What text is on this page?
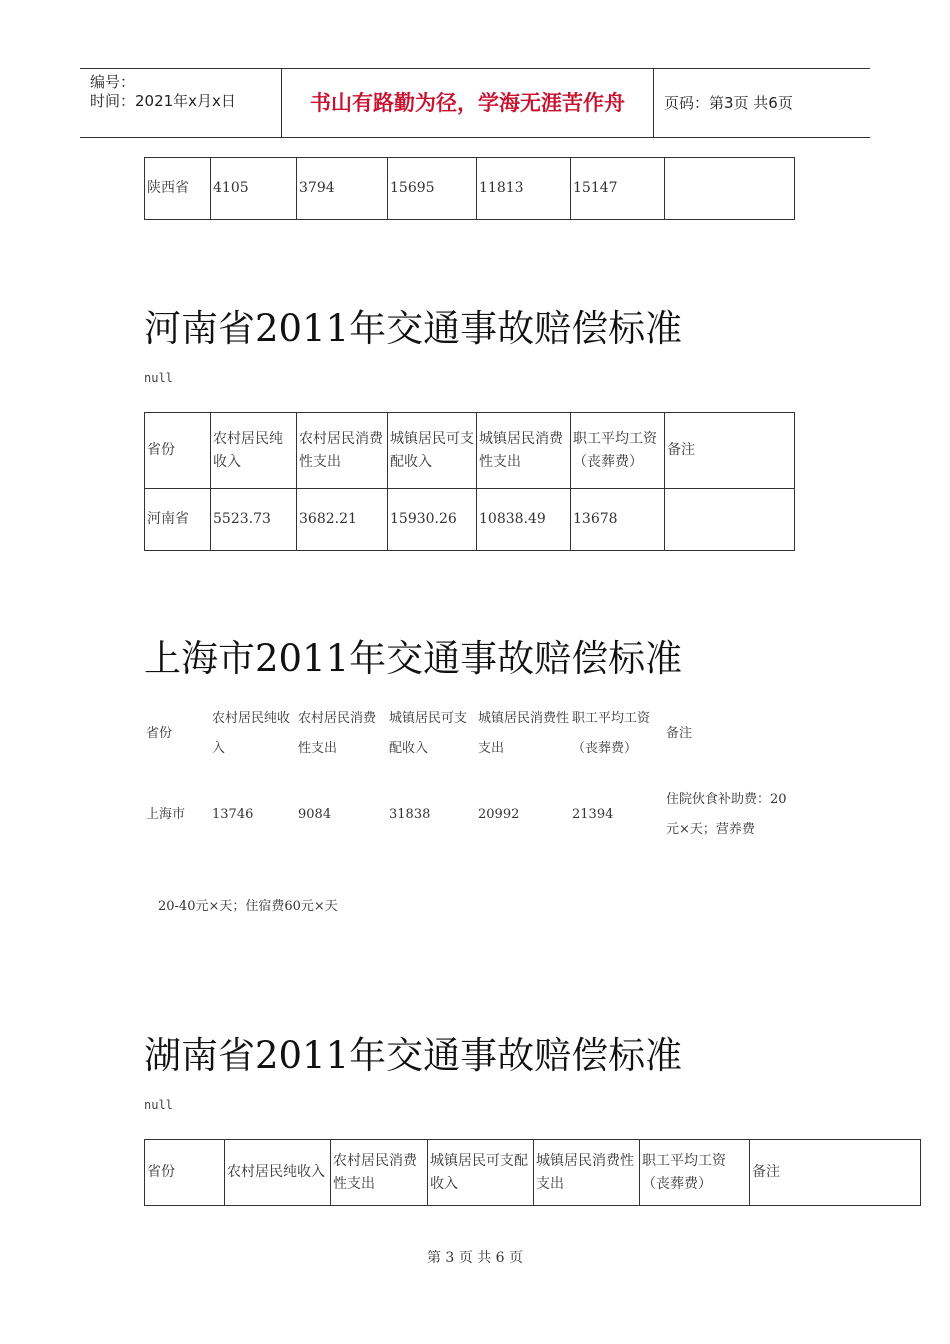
编号：
时间：2021年x月x日	书山有路勤为径，学海无涯苦作舟	页码：第3页 共6页
陕西省	4105	3794	15695	11813	15147	
河南省2011年交通事故赔偿标准
null
省份	农村居民纯收入	农村居民消费性支出	城镇居民可支配收入	城镇居民消费性支出	职工平均工资（丧葬费）	备注
河南省	5523.73	3682.21	15930.26	10838.49	13678	
上海市2011年交通事故赔偿标准
省份	农村居民纯收入	农村居民消费性支出	城镇居民可支配收入	城镇居民消费性支出	职工平均工资（丧葬费）	备注
上海市	13746	9084	31838	20992	21394	住院伙食补助费：20元×天；营养费
20-40元×天；住宿费60元×天
湖南省2011年交通事故赔偿标准
null
省份	农村居民纯收入	农村居民消费性支出	城镇居民可支配收入	城镇居民消费性支出	职工平均工资（丧葬费）	备注
第 3 页 共 6 页
